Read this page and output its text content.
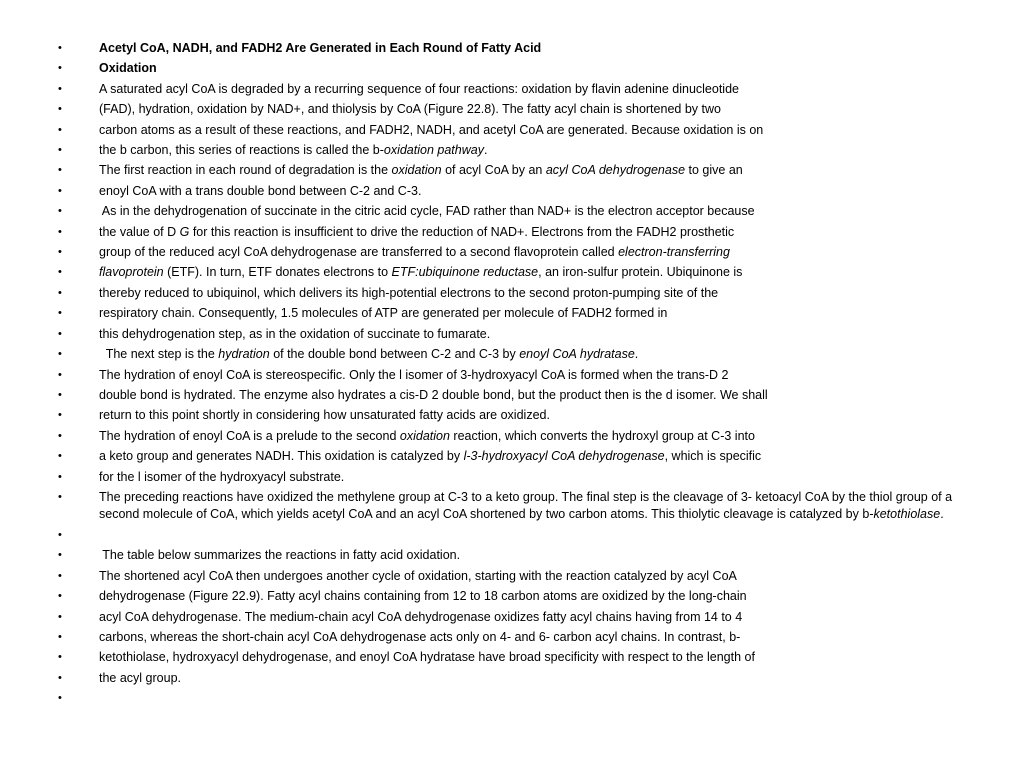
•	Acetyl CoA, NADH, and FADH2 Are Generated in Each Round of Fatty Acid
•	Oxidation
•	A saturated acyl CoA is degraded by a recurring sequence of four reactions: oxidation by flavin adenine dinucleotide
•	(FAD), hydration, oxidation by NAD+, and thiolysis by CoA (Figure 22.8). The fatty acyl chain is shortened by two
•	carbon atoms as a result of these reactions, and FADH2, NADH, and acetyl CoA are generated. Because oxidation is on
•	the b carbon, this series of reactions is called the b-oxidation pathway.
•	The first reaction in each round of degradation is the oxidation of acyl CoA by an acyl CoA dehydrogenase to give an
•	enoyl CoA with a trans double bond between C-2 and C-3.
•	As in the dehydrogenation of succinate in the citric acid cycle, FAD rather than NAD+ is the electron acceptor because
•	the value of D G for this reaction is insufficient to drive the reduction of NAD+. Electrons from the FADH2 prosthetic
•	group of the reduced acyl CoA dehydrogenase are transferred to a second flavoprotein called electron-transferring
•	flavoprotein (ETF). In turn, ETF donates electrons to ETF:ubiquinone reductase, an iron-sulfur protein. Ubiquinone is
•	thereby reduced to ubiquinol, which delivers its high-potential electrons to the second proton-pumping site of the
•	respiratory chain. Consequently, 1.5 molecules of ATP are generated per molecule of FADH2 formed in
•	this dehydrogenation step, as in the oxidation of succinate to fumarate.
•	The next step is the hydration of the double bond between C-2 and C-3 by enoyl CoA hydratase.
•	The hydration of enoyl CoA is stereospecific. Only the l isomer of 3-hydroxyacyl CoA is formed when the trans-D 2
•	double bond is hydrated. The enzyme also hydrates a cis-D 2 double bond, but the product then is the d isomer. We shall
•	return to this point shortly in considering how unsaturated fatty acids are oxidized.
•	The hydration of enoyl CoA is a prelude to the second oxidation reaction, which converts the hydroxyl group at C-3 into
•	a keto group and generates NADH. This oxidation is catalyzed by l-3-hydroxyacyl CoA dehydrogenase, which is specific
•	for the l isomer of the hydroxyacyl substrate.
•	The preceding reactions have oxidized the methylene group at C-3 to a keto group. The final step is the cleavage of 3- ketoacyl CoA by the thiol group of a second molecule of CoA, which yields acetyl CoA and an acyl CoA shortened by two carbon atoms. This thiolytic cleavage is catalyzed by b-ketothiolase.
•

•	The table below summarizes the reactions in fatty acid oxidation.
•	The shortened acyl CoA then undergoes another cycle of oxidation, starting with the reaction catalyzed by acyl CoA
•	dehydrogenase (Figure 22.9). Fatty acyl chains containing from 12 to 18 carbon atoms are oxidized by the long-chain
•	acyl CoA dehydrogenase. The medium-chain acyl CoA dehydrogenase oxidizes fatty acyl chains having from 14 to 4
•	carbons, whereas the short-chain acyl CoA dehydrogenase acts only on 4- and 6- carbon acyl chains. In contrast, b-
•	ketothiolase, hydroxyacyl dehydrogenase, and enoyl CoA hydratase have broad specificity with respect to the length of
•	the acyl group.
•
